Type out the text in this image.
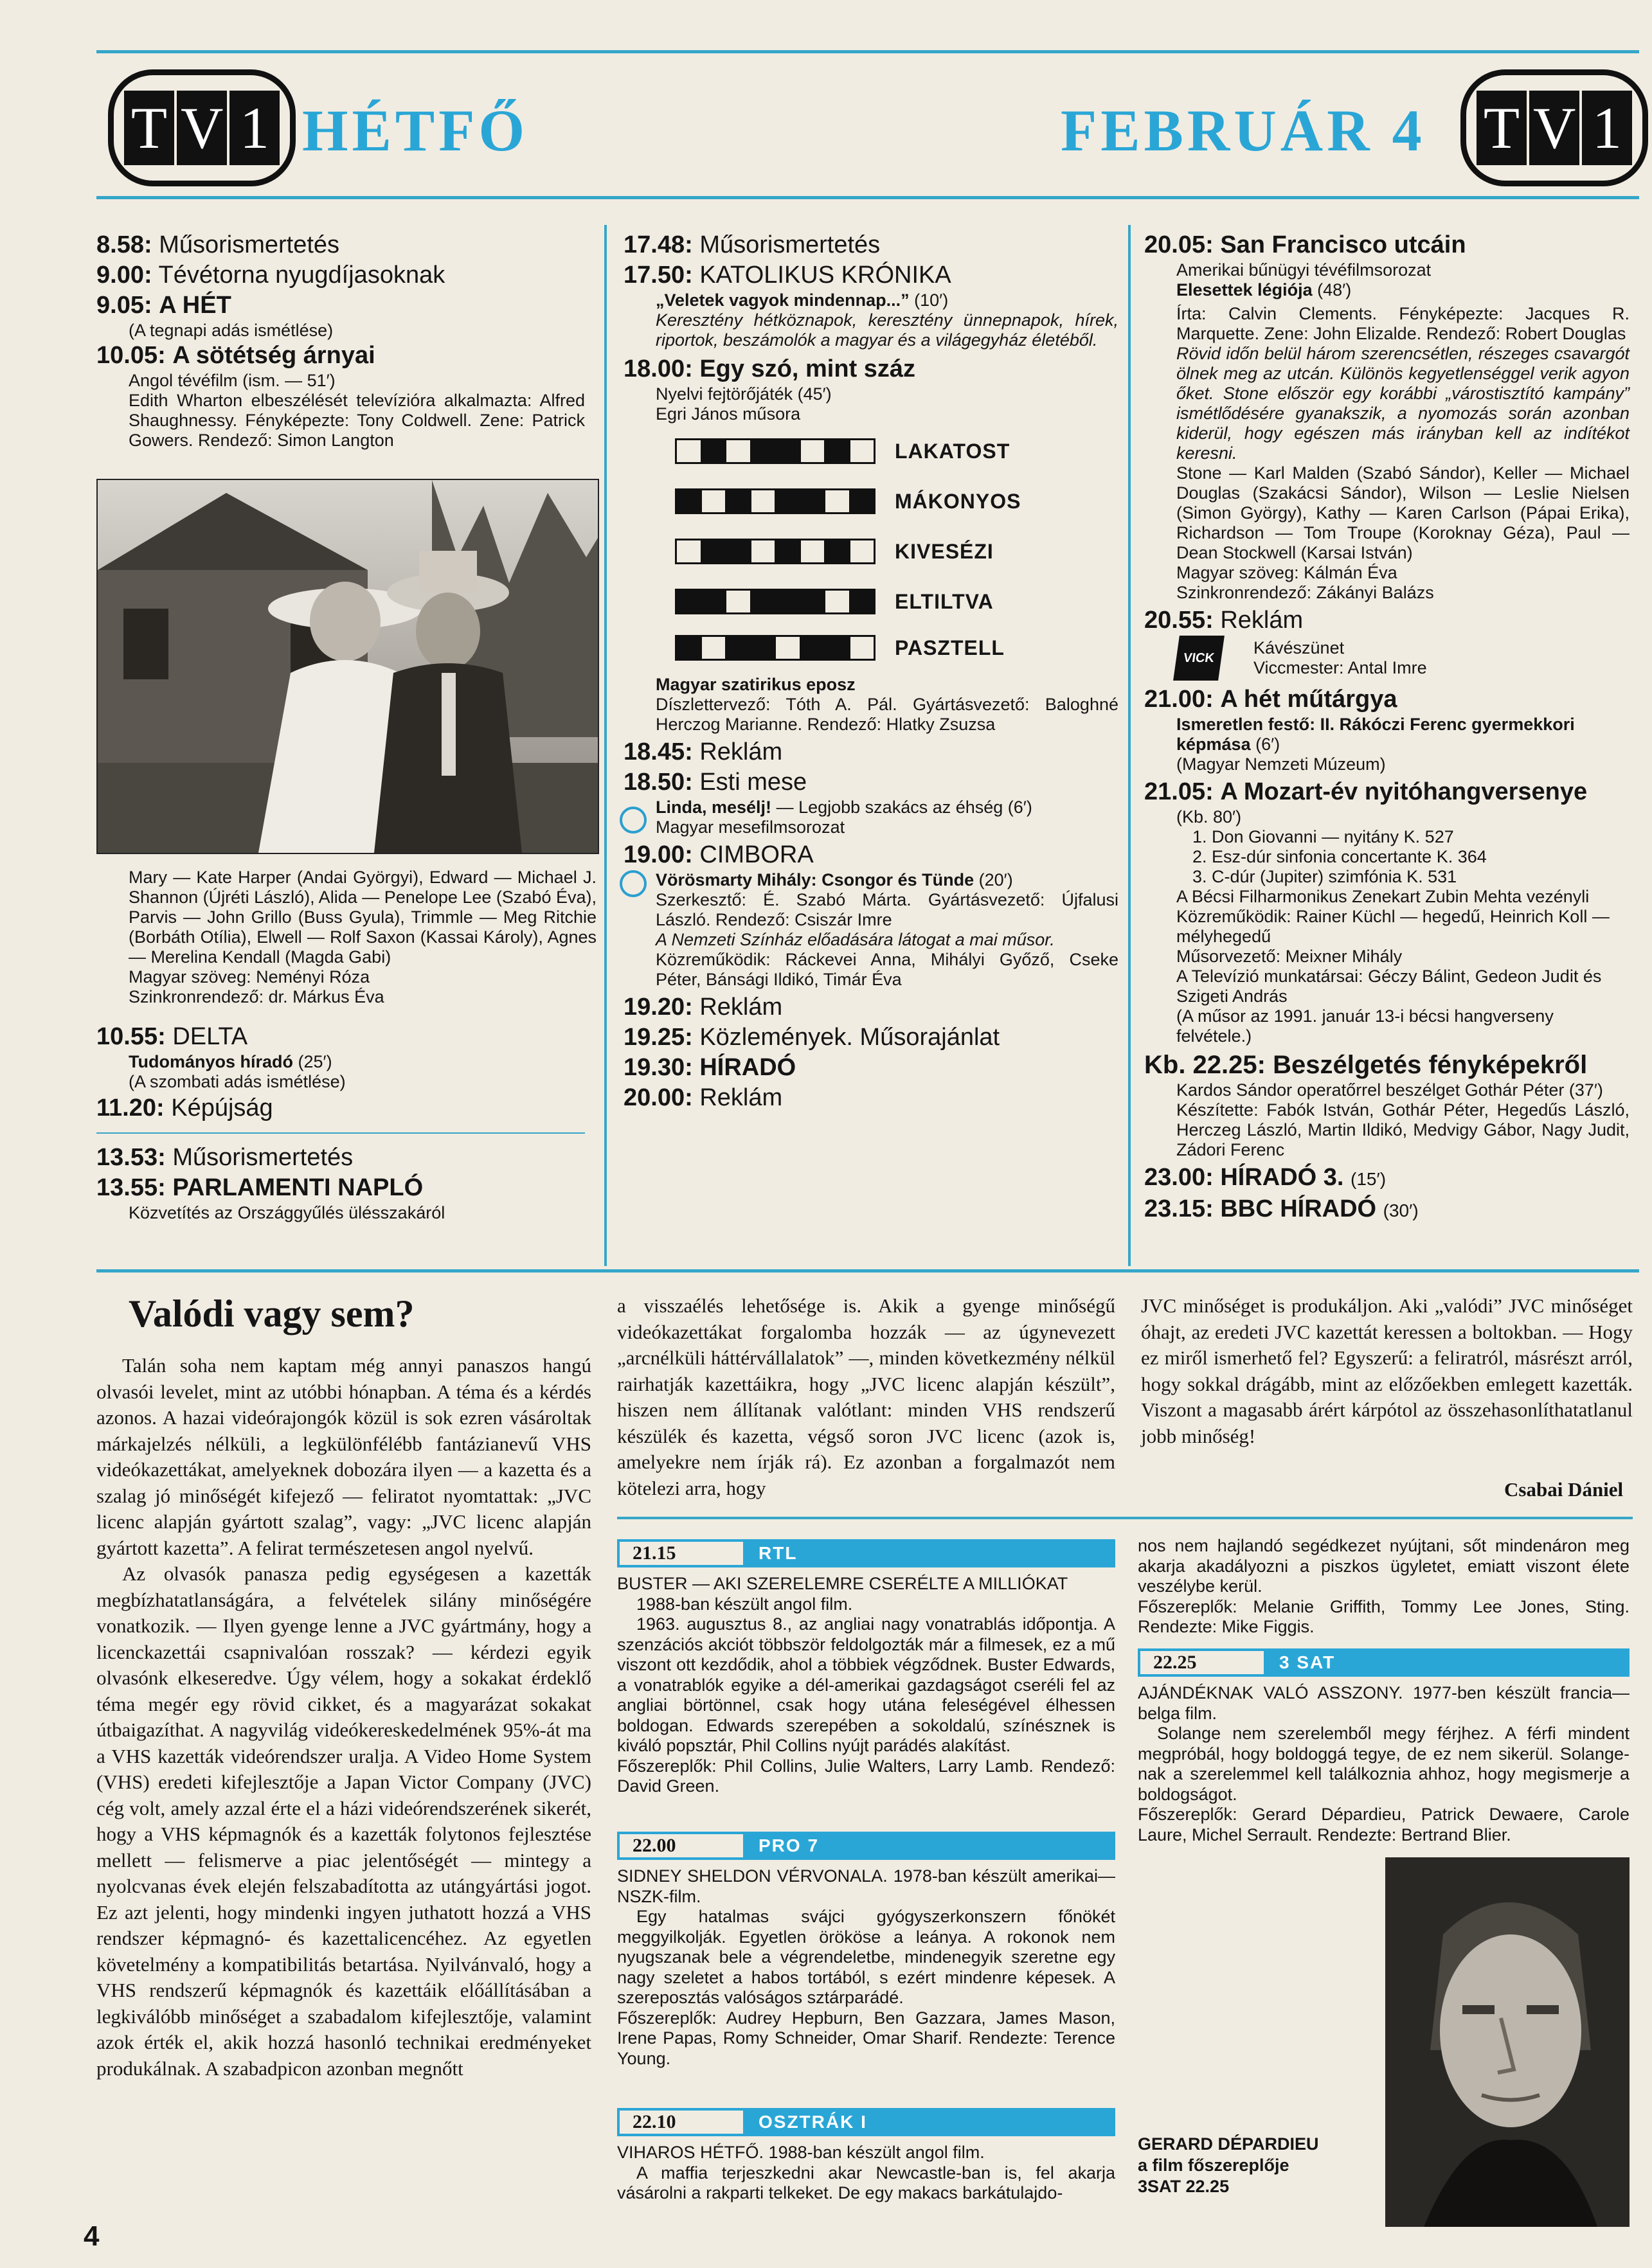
T V 1 HÉTFŐ	FEBRUÁR 4 T V 1
8.58: Műsorismertetés
9.00: Tévétorna nyugdíjasoknak
9.05: A HÉT
(A tegnapi adás ismétlése)
10.05: A sötétség árnyai
Angol tévéfilm (ism. — 51′)
Edith Wharton elbeszélését televízióra alkalmazta: Alfred Shaughnessy. Fényképezte: Tony Coldwell. Zene: Patrick Gowers. Rendező: Simon Langton
Mary — Kate Harper (Andai Györgyi), Edward — Michael J. Shannon (Újréti László), Alida — Penelope Lee (Szabó Éva), Parvis — John Grillo (Buss Gyula), Trimmle — Meg Ritchie (Borbáth Otília), Elwell — Rolf Saxon (Kassai Károly), Agnes — Merelina Kendall (Magda Gabi)
Magyar szöveg: Neményi Róza
Szinkronrendező: dr. Márkus Éva
10.55: DELTA
Tudományos híradó (25′)
(A szombati adás ismétlése)
11.20: Képújság
13.53: Műsorismertetés
13.55: PARLAMENTI NAPLÓ
Közvetítés az Országgyűlés ülésszakáról
17.48: Műsorismertetés
17.50: KATOLIKUS KRÓNIKA
„Veletek vagyok mindennap...” (10′)
Keresztény hétköznapok, keresztény ünnepnapok, hírek, riportok, beszámolók a magyar és a világegyház életéből.
18.00: Egy szó, mint száz
Nyelvi fejtörőjáték (45′)
Egri János műsora
LAKATOST
MÁKONYOS
KIVESÉZI
ELTILTVA
PASZTELL
Magyar szatirikus eposz
Díszlettervező: Tóth A. Pál. Gyártásvezető: Baloghné Herczog Marianne. Rendező: Hlatky Zsuzsa
18.45: Reklám
18.50: Esti mese
Linda, mesélj! — Legjobb szakács az éhség (6′)
Magyar mesefilmsorozat
19.00: CIMBORA
Vörösmarty Mihály: Csongor és Tünde (20′)
Szerkesztő: É. Szabó Márta. Gyártásvezető: Újfalusi László. Rendező: Csiszár Imre
A Nemzeti Színház előadására látogat a mai műsor.
Közreműködik: Ráckevei Anna, Mihályi Győző, Cseke Péter, Bánsági Ildikó, Timár Éva
19.20: Reklám
19.25: Közlemények. Műsorajánlat
19.30: HÍRADÓ
20.00: Reklám
20.05: San Francisco utcáin
Amerikai bűnügyi tévéfilmsorozat
Elesettek légiója (48′)
Írta: Calvin Clements. Fényképezte: Jacques R. Marquette. Zene: John Elizalde. Rendező: Robert Douglas
Rövid időn belül három szerencsétlen, részeges csavargót ölnek meg az utcán. Különös kegyetlenséggel verik agyon őket. Stone először egy korábbi „várostisztító kampány” ismétlődésére gyanakszik, a nyomozás során azonban kiderül, hogy egészen más irányban kell az indítékot keresni.
Stone — Karl Malden (Szabó Sándor), Keller — Michael Douglas (Szakácsi Sándor), Wilson — Leslie Nielsen (Simon György), Kathy — Karen Carlson (Pápai Erika), Richardson — Tom Troupe (Koroknay Géza), Paul — Dean Stockwell (Karsai István)
Magyar szöveg: Kálmán Éva
Szinkronrendező: Zákányi Balázs
20.55: Reklám
VICK
Kávészünet
Viccmester: Antal Imre
21.00: A hét műtárgya
Ismeretlen festő: II. Rákóczi Ferenc gyermekkori képmása (6′)
(Magyar Nemzeti Múzeum)
21.05: A Mozart-év nyitóhangversenye
(Kb. 80′)
1. Don Giovanni — nyitány K. 527
2. Esz-dúr sinfonia concertante K. 364
3. C-dúr (Jupiter) szimfónia K. 531
A Bécsi Filharmonikus Zenekart Zubin Mehta vezényli
Közreműködik: Rainer Küchl — hegedű, Heinrich Koll — mélyhegedű
Műsorvezető: Meixner Mihály
A Televízió munkatársai: Géczy Bálint, Gedeon Judit és Szigeti András
(A műsor az 1991. január 13-i bécsi hangverseny felvétele.)
Kb. 22.25: Beszélgetés fényképekről
Kardos Sándor operatőrrel beszélget Gothár Péter (37′)
Készítette: Fabók István, Gothár Péter, Hegedűs László, Herczeg László, Martin Ildikó, Medvigy Gábor, Nagy Judit, Zádori Ferenc
23.00: HÍRADÓ 3. (15′)
23.15: BBC HÍRADÓ (30′)
Valódi vagy sem?

Talán soha nem kaptam még annyi panaszos hangú olvasói levelet, mint az utóbbi hónapban. A téma és a kérdés azonos. A hazai videórajongók közül is sok ezren vásároltak márkajelzés nélküli, a legkülönfélébb fantázianevű VHS videókazettákat, amelyeknek dobozára ilyen — a kazetta és a szalag jó minőségét kifejező — feliratot nyomtattak: „JVC licenc alapján gyártott szalag”, vagy: „JVC licenc alapján gyártott kazetta”. A felirat természetesen angol nyelvű.

Az olvasók panasza pedig egységesen a kazetták megbízhatatlanságára, a felvételek silány minőségére vonatkozik. — Ilyen gyenge lenne a JVC gyártmány, hogy a licenckazettái csapnivalóan rosszak? — kérdezi egyik olvasónk elkeseredve. Úgy vélem, hogy a sokakat érdeklő téma megér egy rövid cikket, és a magyarázat sokakat útbaigazíthat. A nagyvilág videókereskedelmének 95%-át ma a VHS kazetták videórendszer uralja. A Video Home System (VHS) eredeti kifejlesztője a Japan Victor Company (JVC) cég volt, amely azzal érte el a házi videórendszerének sikerét, hogy a VHS képmagnók és a kazetták folytonos fejlesztése mellett — felismerve a piac jelentőségét — mintegy a nyolcvanas évek elején felszabadította az utángyártási jogot. Ez azt jelenti, hogy mindenki ingyen juthatott hozzá a VHS rendszer képmagnó- és kazettalicencéhez. Az egyetlen követelmény a kompatibilitás betartása. Nyilvánvaló, hogy a VHS rendszerű képmagnók és kazettáik előállításában a legkiválóbb minőséget a szabadalom kifejlesztője, valamint azok érték el, akik hozzá hasonló technikai eredményeket produkálnak. A szabadpicon azonban megnőtt

a visszaélés lehetősége is. Akik a gyenge minőségű videókazettákat forgalomba hozzák — az úgynevezett „arcnélküli háttérvállalatok” —, minden következmény nélkül rairhatják kazettáikra, hogy „JVC licenc alapján készült”, hiszen nem állítanak valótlant: minden VHS rendszerű készülék és kazetta, végső soron JVC licenc (azok is, amelyekre nem írják rá). Ez azonban a forgalmazót nem kötelezi arra, hogy

JVC minőséget is produkáljon. Aki „valódi” JVC minőséget óhajt, az eredeti JVC kazettát keressen a boltokban. — Hogy ez miről ismerhető fel? Egyszerű: a feliratról, másrészt arról, hogy sokkal drágább, mint az előzőekben emlegett kazetták. Viszont a magasabb árért kárpótol az összehasonlíthatatlanul jobb minőség!

Csabai Dániel
21.15	RTL

BUSTER — AKI SZERELEMRE CSERÉLTE A MILLIÓKAT

1988-ban készült angol film.

1963. augusztus 8., az angliai nagy vonatrablás időpontja. A szenzációs akciót többször feldolgozták már a filmesek, ez a mű viszont ott kezdődik, ahol a többiek végződnek. Buster Edwards, a vonatrablók egyike a dél-amerikai gazdagságot cseréli fel az angliai börtönnel, csak hogy utána feleségével élhessen boldogan. Edwards szerepében a sokoldalú, színésznek is kiváló popsztár, Phil Collins nyújt parádés alakítást.

Főszereplők: Phil Collins, Julie Walters, Larry Lamb. Rendező: David Green.

22.00	PRO 7

SIDNEY SHELDON VÉRVONALA. 1978-ban készült amerikai—NSZK-film.

Egy hatalmas svájci gyógyszerkonszern főnökét meggyilkolják. Egyetlen örököse a leánya. A rokonok nem nyugszanak bele a végrendeletbe, mindenegyik szeretne egy nagy szeletet a habos tortából, s ezért mindenre képesek. A szereposztás valóságos sztárparádé.

Főszereplők: Audrey Hepburn, Ben Gazzara, James Mason, Irene Papas, Romy Schneider, Omar Sharif. Rendezte: Terence Young.

22.10	OSZTRÁK I

VIHAROS HÉTFŐ. 1988-ban készült angol film.

A maffia terjeszkedni akar Newcastle-ban is, fel akarja vásárolni a rakparti telkeket. De egy makacs barkátulajdo-

nos nem hajlandó segédkezet nyújtani, sőt mindenáron meg akarja akadályozni a piszkos ügyletet, emiatt viszont élete veszélybe kerül.

Főszereplők: Melanie Griffith, Tommy Lee Jones, Sting. Rendezte: Mike Figgis.

22.25	3 SAT

AJÁNDÉKNAK VALÓ ASSZONY. 1977-ben készült francia—belga film.

Solange nem szerelemből megy férjhez. A férfi mindent megpróbál, hogy boldoggá tegye, de ez nem sikerül. Solange-nak a szerelemmel kell találkoznia ahhoz, hogy megismerje a boldogságot.

Főszereplők: Gerard Dépardieu, Patrick Dewaere, Carole Laure, Michel Serrault. Rendezte: Bertrand Blier.

GERARD DÉPARDIEU
a film főszereplője
3SAT 22.25
4
